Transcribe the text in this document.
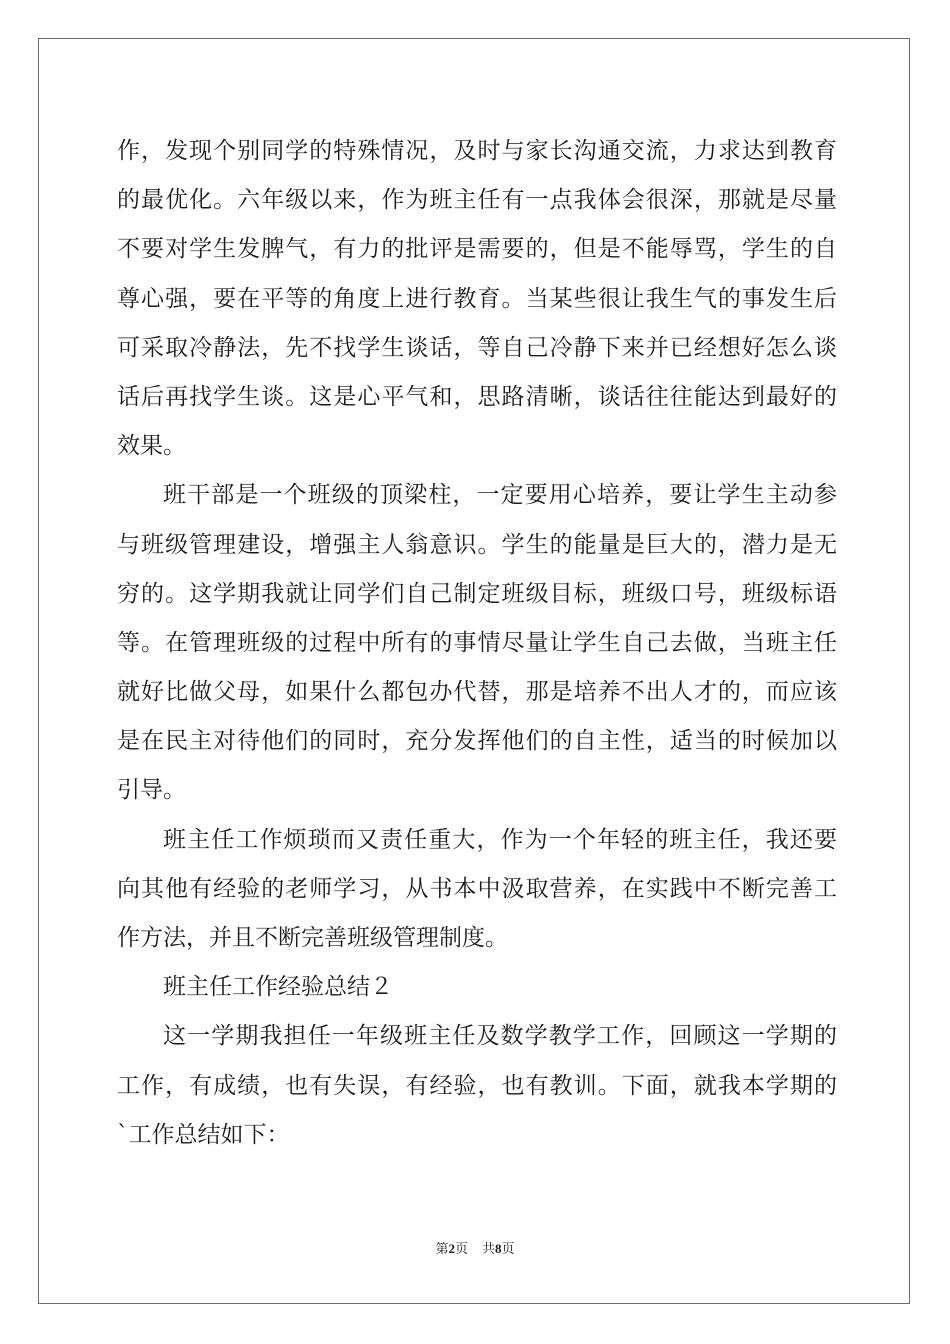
作，发现个别同学的特殊情况，及时与家长沟通交流，力求达到教育
的最优化。六年级以来，作为班主任有一点我体会很深，那就是尽量
不要对学生发脾气，有力的批评是需要的，但是不能辱骂，学生的自
尊心强，要在平等的角度上进行教育。当某些很让我生气的事发生后
可采取冷静法，先不找学生谈话，等自己冷静下来并已经想好怎么谈
话后再找学生谈。这是心平气和，思路清晰，谈话往往能达到最好的
效果。
班干部是一个班级的顶梁柱，一定要用心培养，要让学生主动参
与班级管理建设，增强主人翁意识。学生的能量是巨大的，潜力是无
穷的。这学期我就让同学们自己制定班级目标，班级口号，班级标语
等。在管理班级的过程中所有的事情尽量让学生自己去做，当班主任
就好比做父母，如果什么都包办代替，那是培养不出人才的，而应该
是在民主对待他们的同时，充分发挥他们的自主性，适当的时候加以
引导。
班主任工作烦琐而又责任重大，作为一个年轻的班主任，我还要
向其他有经验的老师学习，从书本中汲取营养，在实践中不断完善工
作方法，并且不断完善班级管理制度。
班主任工作经验总结２
这一学期我担任一年级班主任及数学教学工作，回顾这一学期的
工作，有成绩，也有失误，有经验，也有教训。下面，就我本学期的
`工作总结如下：
第2页 共8页
